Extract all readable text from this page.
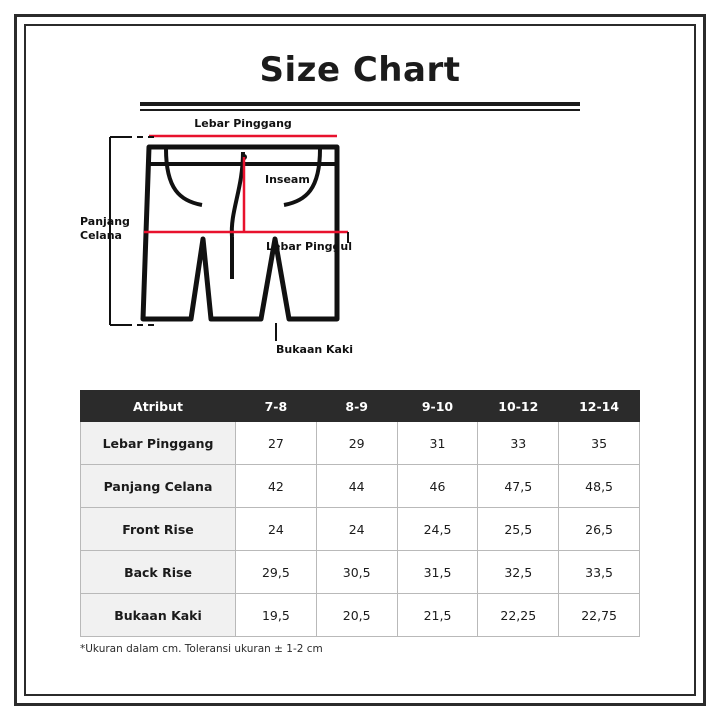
Size Chart
Lebar Pinggang
Inseam
Lebar Pinggul
Panjang
Celana
Bukaan Kaki
Atribut	7-8	8-9	9-10	10-12	12-14
Lebar Pinggang	27	29	31	33	35
Panjang Celana	42	44	46	47,5	48,5
Front Rise	24	24	24,5	25,5	26,5
Back Rise	29,5	30,5	31,5	32,5	33,5
Bukaan Kaki	19,5	20,5	21,5	22,25	22,75
*Ukuran dalam cm. Toleransi ukuran ± 1-2 cm
